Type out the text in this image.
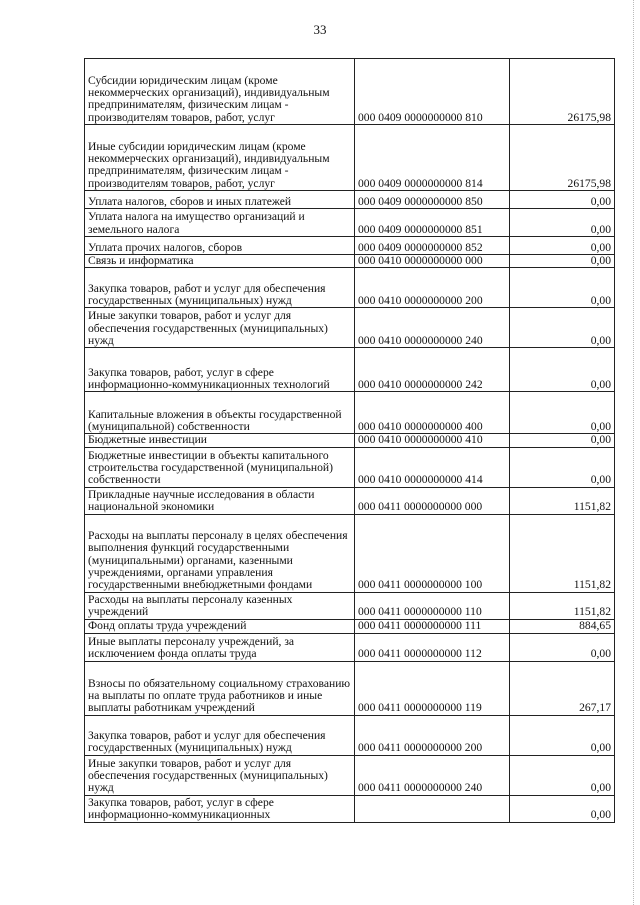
33
Субсидии юридическим лицам (кроме некоммерческих организаций), индивидуальным предпринимателям, физическим лицам - производителям товаров, работ, услуг	000 0409 0000000000 810	26175,98
Иные субсидии юридическим лицам (кроме некоммерческих организаций), индивидуальным предпринимателям, физическим лицам - производителям товаров, работ, услуг	000 0409 0000000000 814	26175,98
Уплата налогов, сборов и иных платежей	000 0409 0000000000 850	0,00
Уплата налога на имущество организаций и земельного налога	000 0409 0000000000 851	0,00
Уплата прочих налогов, сборов	000 0409 0000000000 852	0,00
Связь и информатика	000 0410 0000000000 000	0,00
Закупка товаров, работ и услуг для обеспечения государственных (муниципальных) нужд	000 0410 0000000000 200	0,00
Иные закупки товаров, работ и услуг для обеспечения государственных (муниципальных) нужд	000 0410 0000000000 240	0,00
Закупка товаров, работ, услуг в сфере информационно-коммуникационных технологий	000 0410 0000000000 242	0,00
Капитальные вложения в объекты государственной (муниципальной) собственности	000 0410 0000000000 400	0,00
Бюджетные инвестиции	000 0410 0000000000 410	0,00
Бюджетные инвестиции в объекты капитального строительства государственной (муниципальной) собственности	000 0410 0000000000 414	0,00
Прикладные научные исследования в области национальной экономики	000 0411 0000000000 000	1151,82
Расходы на выплаты персоналу в целях обеспечения выполнения функций государственными (муниципальными) органами, казенными учреждениями, органами управления государственными внебюджетными фондами	000 0411 0000000000 100	1151,82
Расходы на выплаты персоналу казенных учреждений	000 0411 0000000000 110	1151,82
Фонд оплаты труда учреждений	000 0411 0000000000 111	884,65
Иные выплаты персоналу учреждений, за исключением фонда оплаты труда	000 0411 0000000000 112	0,00
Взносы по обязательному социальному страхованию на выплаты по оплате труда работников и иные выплаты работникам учреждений	000 0411 0000000000 119	267,17
Закупка товаров, работ и услуг для обеспечения государственных (муниципальных) нужд	000 0411 0000000000 200	0,00
Иные закупки товаров, работ и услуг для обеспечения государственных (муниципальных) нужд	000 0411 0000000000 240	0,00
Закупка товаров, работ, услуг в сфере информационно-коммуникационных		0,00
